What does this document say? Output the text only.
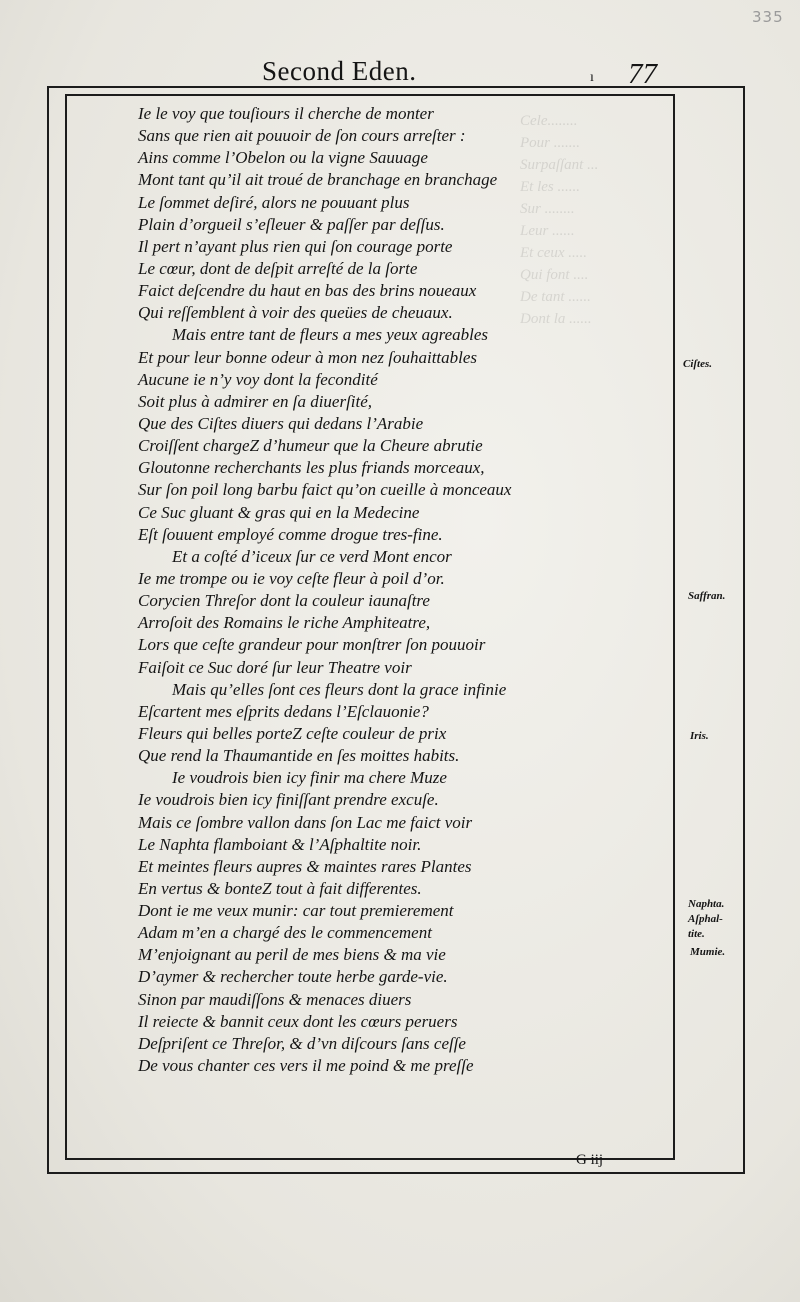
Cele........
Pour .......
Surpaſſant ...
Et les ......
Sur ........
Leur ......
Et ceux .....
Qui font ....
De tant ......
Dont la ......
335
Second Eden.	ı 77
Ie le voy que touſiours il cherche de monter
Sans que rien ait pouuoir de ſon cours arreſter :
Ains comme l’Obelon ou la vigne Sauuage
Mont tant qu’il ait troué de branchage en branchage
Le ſommet deſiré, alors ne pouuant plus
Plain d’orgueil s’eſleuer & paſſer par deſſus.
Il pert n’ayant plus rien qui ſon courage porte
Le cœur, dont de deſpit arreſté de la ſorte
Faict deſcendre du haut en bas des brins noueaux
Qui reſſemblent à voir des queües de cheuaux.
Mais entre tant de fleurs a mes yeux agreables
Et pour leur bonne odeur à mon nez ſouhaittables
Aucune ie n’y voy dont la fecondité
Soit plus à admirer en ſa diuerſité,
Que des Ciſtes diuers qui dedans l’Arabie
Croiſſent chargeZ d’humeur que la Cheure abrutie
Gloutonne recherchants les plus friands morceaux,
Sur ſon poil long barbu faict qu’on cueille à monceaux
Ce Suc gluant & gras qui en la Medecine
Eſt ſouuent employé comme drogue tres-fine.
Et a coſté d’iceux ſur ce verd Mont encor
Ie me trompe ou ie voy ceſte fleur à poil d’or.
Corycien Threſor dont la couleur iaunaſtre
Arroſoit des Romains le riche Amphiteatre,
Lors que ceſte grandeur pour monſtrer ſon pouuoir
Faiſoit ce Suc doré ſur leur Theatre voir
Mais qu’elles ſont ces fleurs dont la grace infinie
Eſcartent mes eſprits dedans l’Eſclauonie?
Fleurs qui belles porteZ ceſte couleur de prix
Que rend la Thaumantide en ſes moittes habits.
Ie voudrois bien icy finir ma chere Muze
Ie voudrois bien icy finiſſant prendre excuſe.
Mais ce ſombre vallon dans ſon Lac me faict voir
Le Naphta flamboiant & l’Aſphaltite noir.
Et meintes fleurs aupres & maintes rares Plantes
En vertus & bonteZ tout à fait differentes.
Dont ie me veux munir: car tout premierement
Adam m’en a chargé des le commencement
M’enjoignant au peril de mes biens & ma vie
D’aymer & rechercher toute herbe garde-vie.
Sinon par maudiſſons & menaces diuers
Il reiecte & bannit ceux dont les cœurs peruers
Deſpriſent ce Threſor, & d’vn diſcours ſans ceſſe
De vous chanter ces vers il me poind & me preſſe
Ciſtes.
Saffran.
Iris.
Naphta.
Aſphal-
tite.
Mumie.
G iij
